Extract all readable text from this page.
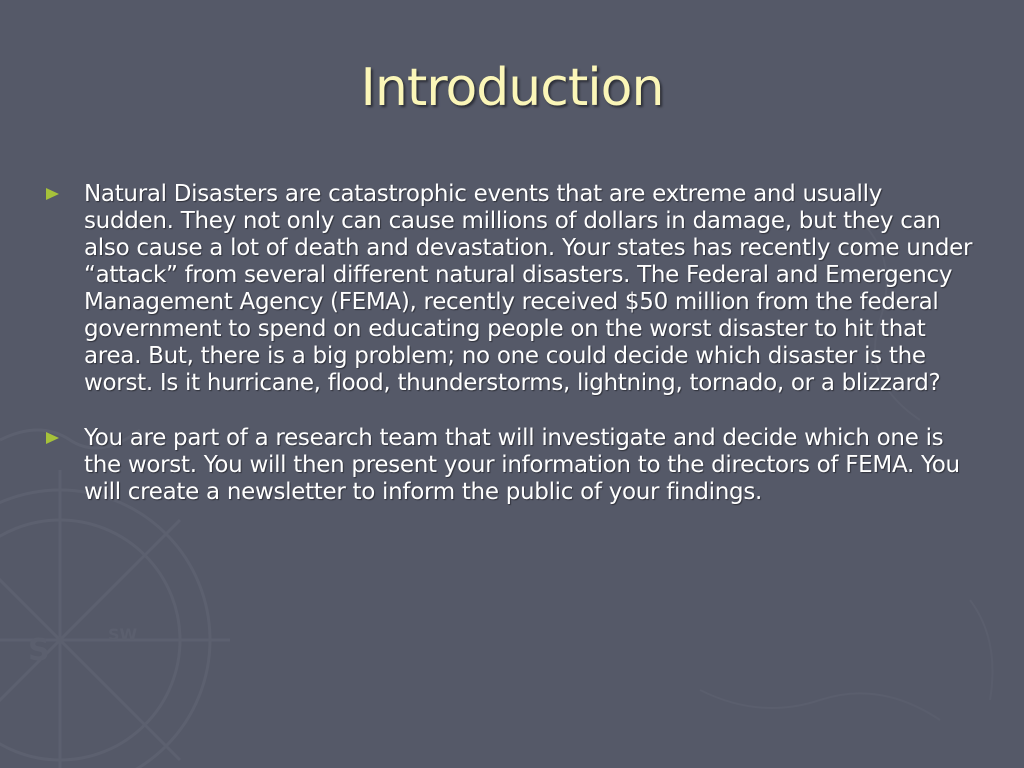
S	SW
Introduction
Natural Disasters are catastrophic events that are extreme and usually sudden. They not only can cause millions of dollars in damage, but they can also cause a lot of death and devastation. Your states has recently come under “attack” from several different natural disasters. The Federal and Emergency Management Agency (FEMA), recently received $50 million from the federal government to spend on educating people on the worst disaster to hit that area. But, there is a big problem; no one could decide which disaster is the worst. Is it hurricane, flood, thunderstorms, lightning, tornado, or a blizzard?
You are part of a research team that will investigate and decide which one is the worst. You will then present your information to the directors of FEMA. You will create a newsletter to inform the public of your findings.
